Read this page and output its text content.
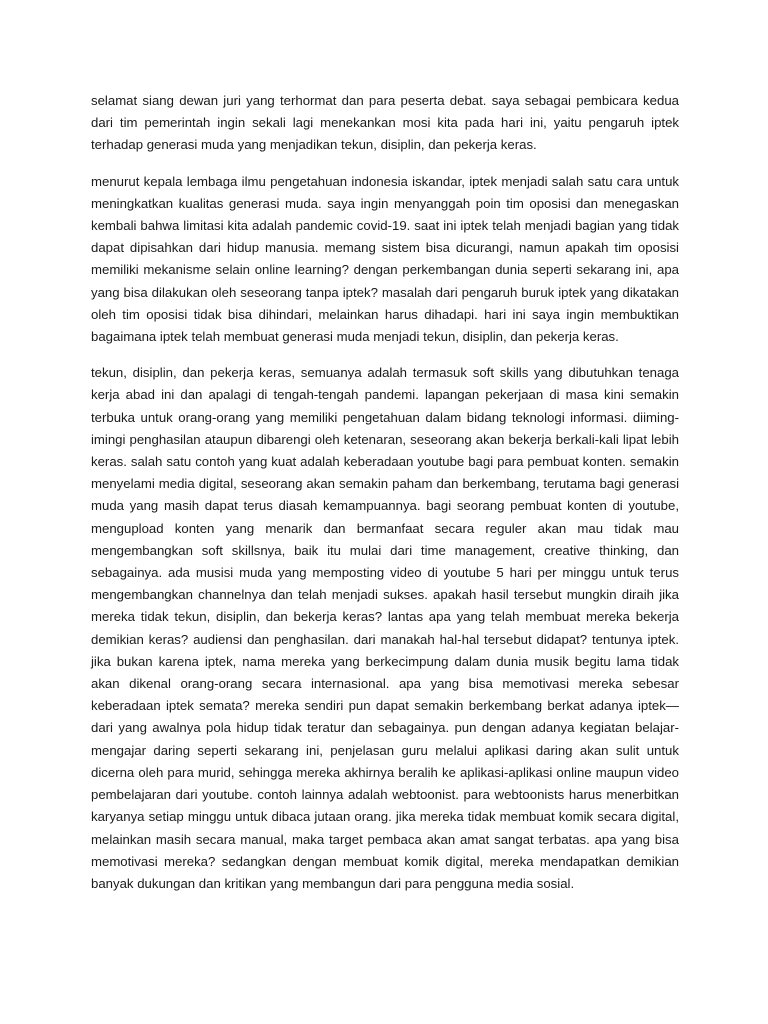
selamat siang dewan juri yang terhormat dan para peserta debat. saya sebagai pembicara kedua dari tim pemerintah ingin sekali lagi menekankan mosi kita pada hari ini, yaitu pengaruh iptek terhadap generasi muda yang menjadikan tekun, disiplin, dan pekerja keras.

menurut kepala lembaga ilmu pengetahuan indonesia iskandar, iptek menjadi salah satu cara untuk meningkatkan kualitas generasi muda. saya ingin menyanggah poin tim oposisi dan menegaskan kembali bahwa limitasi kita adalah pandemic covid-19. saat ini iptek telah menjadi bagian yang tidak dapat dipisahkan dari hidup manusia. memang sistem bisa dicurangi, namun apakah tim oposisi memiliki mekanisme selain online learning? dengan perkembangan dunia seperti sekarang ini, apa yang bisa dilakukan oleh seseorang tanpa iptek? masalah dari pengaruh buruk iptek yang dikatakan oleh tim oposisi tidak bisa dihindari, melainkan harus dihadapi. hari ini saya ingin membuktikan bagaimana iptek telah membuat generasi muda menjadi tekun, disiplin, dan pekerja keras.

tekun, disiplin, dan pekerja keras, semuanya adalah termasuk soft skills yang dibutuhkan tenaga kerja abad ini dan apalagi di tengah-tengah pandemi. lapangan pekerjaan di masa kini semakin terbuka untuk orang-orang yang memiliki pengetahuan dalam bidang teknologi informasi. diiming-imingi penghasilan ataupun dibarengi oleh ketenaran, seseorang akan bekerja berkali-kali lipat lebih keras. salah satu contoh yang kuat adalah keberadaan youtube bagi para pembuat konten. semakin menyelami media digital, seseorang akan semakin paham dan berkembang, terutama bagi generasi muda yang masih dapat terus diasah kemampuannya. bagi seorang pembuat konten di youtube, mengupload konten yang menarik dan bermanfaat secara reguler akan mau tidak mau mengembangkan soft skillsnya, baik itu mulai dari time management, creative thinking, dan sebagainya. ada musisi muda yang memposting video di youtube 5 hari per minggu untuk terus mengembangkan channelnya dan telah menjadi sukses. apakah hasil tersebut mungkin diraih jika mereka tidak tekun, disiplin, dan bekerja keras? lantas apa yang telah membuat mereka bekerja demikian keras? audiensi dan penghasilan. dari manakah hal-hal tersebut didapat? tentunya iptek. jika bukan karena iptek, nama mereka yang berkecimpung dalam dunia musik begitu lama tidak akan dikenal orang-orang secara internasional. apa yang bisa memotivasi mereka sebesar keberadaan iptek semata? mereka sendiri pun dapat semakin berkembang berkat adanya iptek—dari yang awalnya pola hidup tidak teratur dan sebagainya. pun dengan adanya kegiatan belajar-mengajar daring seperti sekarang ini, penjelasan guru melalui aplikasi daring akan sulit untuk dicerna oleh para murid, sehingga mereka akhirnya beralih ke aplikasi-aplikasi online maupun video pembelajaran dari youtube. contoh lainnya adalah webtoonist. para webtoonists harus menerbitkan karyanya setiap minggu untuk dibaca jutaan orang. jika mereka tidak membuat komik secara digital, melainkan masih secara manual, maka target pembaca akan amat sangat terbatas. apa yang bisa memotivasi mereka? sedangkan dengan membuat komik digital, mereka mendapatkan demikian banyak dukungan dan kritikan yang membangun dari para pengguna media sosial.
